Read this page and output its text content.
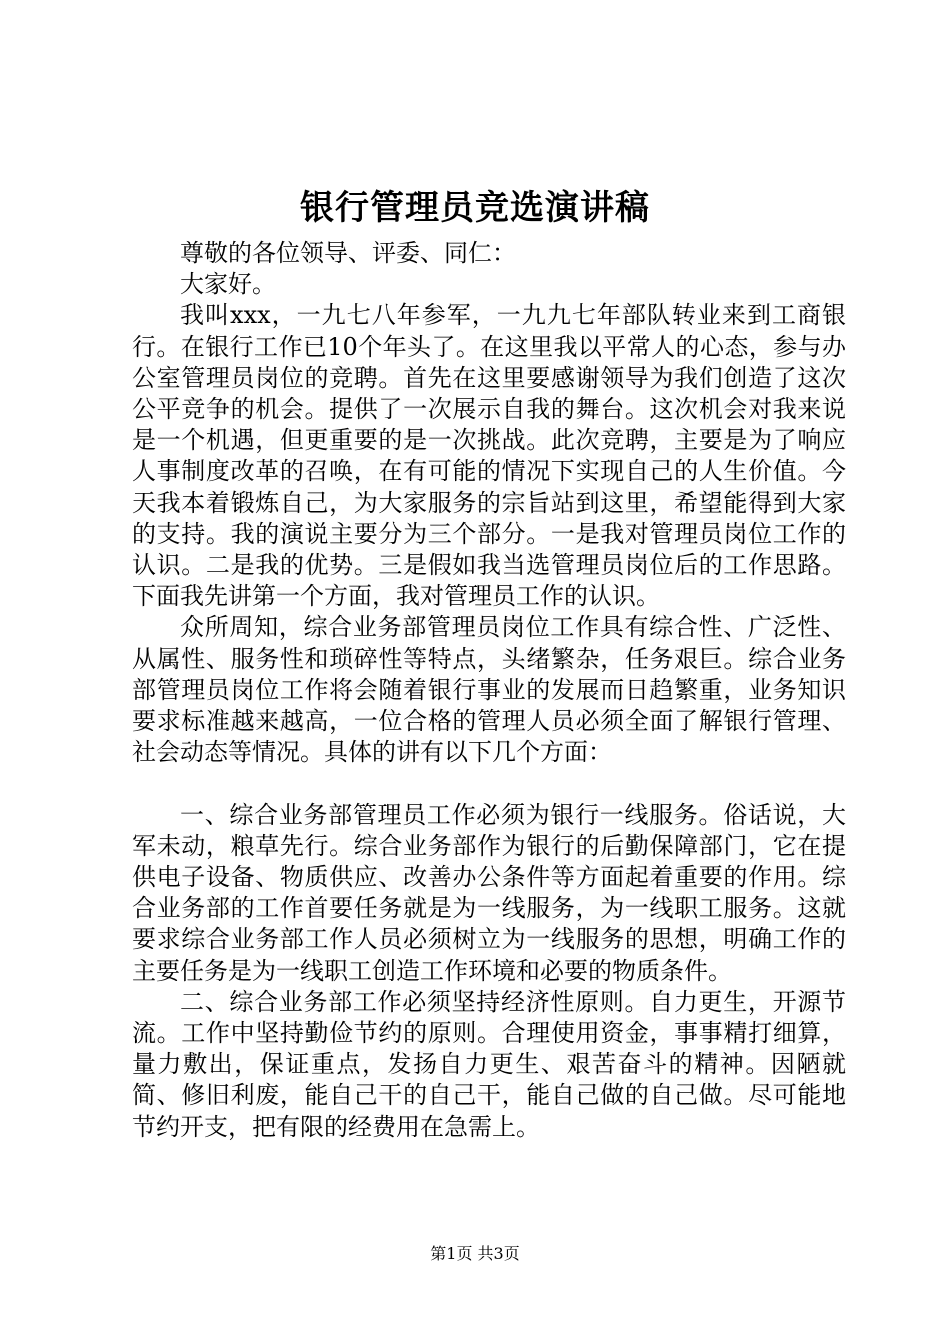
银行管理员竞选演讲稿

尊敬的各位领导、评委、同仁：

大家好。

我叫xxx，一九七八年参军，一九九七年部队转业来到工商银行。在银行工作已10个年头了。在这里我以平常人的心态，参与办公室管理员岗位的竞聘。首先在这里要感谢领导为我们创造了这次公平竞争的机会。提供了一次展示自我的舞台。这次机会对我来说是一个机遇，但更重要的是一次挑战。此次竞聘，主要是为了响应人事制度改革的召唤，在有可能的情况下实现自己的人生价值。今天我本着锻炼自己，为大家服务的宗旨站到这里，希望能得到大家的支持。我的演说主要分为三个部分。一是我对管理员岗位工作的认识。二是我的优势。三是假如我当选管理员岗位后的工作思路。下面我先讲第一个方面，我对管理员工作的认识。

众所周知，综合业务部管理员岗位工作具有综合性、广泛性、从属性、服务性和琐碎性等特点，头绪繁杂，任务艰巨。综合业务部管理员岗位工作将会随着银行事业的发展而日趋繁重，业务知识要求标准越来越高，一位合格的管理人员必须全面了解银行管理、社会动态等情况。具体的讲有以下几个方面：

一、综合业务部管理员工作必须为银行一线服务。俗话说，大军未动，粮草先行。综合业务部作为银行的后勤保障部门，它在提供电子设备、物质供应、改善办公条件等方面起着重要的作用。综合业务部的工作首要任务就是为一线服务，为一线职工服务。这就要求综合业务部工作人员必须树立为一线服务的思想，明确工作的主要任务是为一线职工创造工作环境和必要的物质条件。

二、综合业务部工作必须坚持经济性原则。自力更生，开源节流。工作中坚持勤俭节约的原则。合理使用资金，事事精打细算，量力敷出，保证重点，发扬自力更生、艰苦奋斗的精神。因陋就简、修旧利废，能自己干的自己干，能自己做的自己做。尽可能地节约开支，把有限的经费用在急需上。

第1页 共3页
